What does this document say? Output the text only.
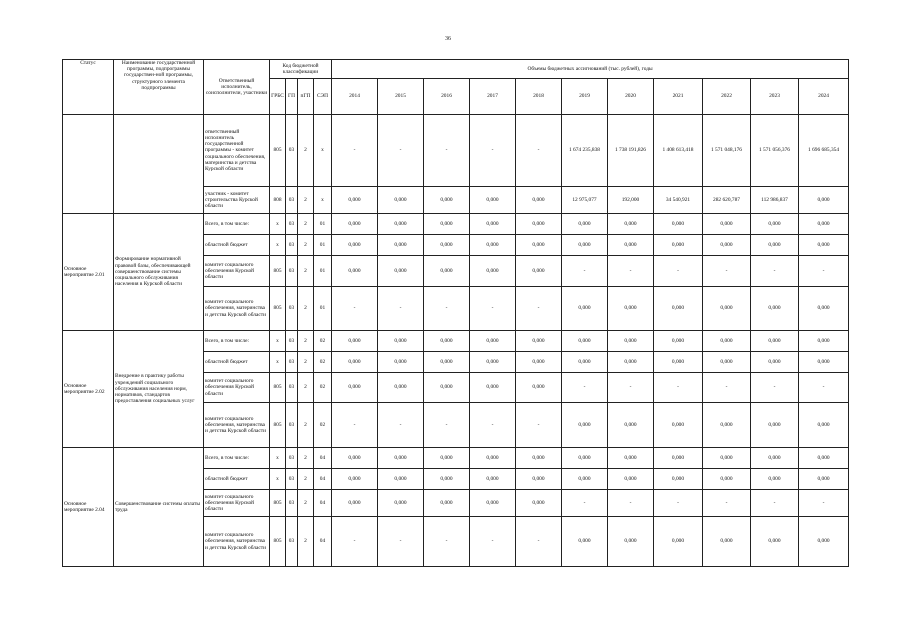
36
Статус	Наименование государственной программы, подпрограммы государствен-ной программы, структурного элемента подпрограммы	Ответственный исполнитель, соисполнители, участники	Код бюджетной классификации				Объемы бюджетных ассигнований (тыс. рублей), годы										
			ГРБС	ГП	пГП	СЭП	2014	2015	2016	2017	2018	2019	2020	2021	2022	2023	2024
		ответственный исполнитель государственной программы - комитет социального обеспечения, материнства и детства Курской области	805	03	2	х	-	-	-	-	-	1 674 235,838	1 738 191,826	1 408 613,418	1 571 048,176	1 571 056,376	1 696 685,354
		участник - комитет строительства Курской области	808	03	2	х	0,000	0,000	0,000	0,000	0,000	12 975,077	192,000	34 540,921	282 620,787	112 986,837	0,000
Основное мероприятие 2.01	Формирование нормативной правовой базы, обеспечивающей совершенствование системы социального обслуживания населения в Курской области	Всего, в том числе:	х	03	2	01	0,000	0,000	0,000	0,000	0,000	0,000	0,000	0,000	0,000	0,000	0,000
		областной бюджет	х	03	2	01	0,000	0,000	0,000	0,000	0,000	0,000	0,000	0,000	0,000	0,000	0,000
		комитет социального обеспечения Курской области	805	03	2	01	0,000	0,000	0,000	0,000	0,000	-	-	-	-	-	-
		комитет социального обеспечения, материнства и детства Курской области	805	03	2	01	-	-	-	-	-	0,000	0,000	0,000	0,000	0,000	0,000
Основное мероприятие 2.02	Внедрение в практику работы учреждений социального обслуживания населения норм, нормативов, стандартов предоставления социальных услуг	Всего, в том числе:	х	03	2	02	0,000	0,000	0,000	0,000	0,000	0,000	0,000	0,000	0,000	0,000	0,000
		областной бюджет	х	03	2	02	0,000	0,000	0,000	0,000	0,000	0,000	0,000	0,000	0,000	0,000	0,000
		комитет социального обеспечения Курской области	805	03	2	02	0,000	0,000	0,000	0,000	0,000	-	-	-	-	-	-
		комитет социального обеспечения, материнства и детства Курской области	805	03	2	02	-	-	-	-	-	0,000	0,000	0,000	0,000	0,000	0,000
Основное мероприятие 2.04	Совершенствование системы оплаты труда	Всего, в том числе:	х	03	2	04	0,000	0,000	0,000	0,000	0,000	0,000	0,000	0,000	0,000	0,000	0,000
		областной бюджет	х	03	2	04	0,000	0,000	0,000	0,000	0,000	0,000	0,000	0,000	0,000	0,000	0,000
		комитет социального обеспечения Курской области	805	03	2	04	0,000	0,000	0,000	0,000	0,000	-	-	-	-	-	-
		комитет социального обеспечения, материнства и детства Курской области	805	03	2	04	-	-	-	-	-	0,000	0,000	0,000	0,000	0,000	0,000
